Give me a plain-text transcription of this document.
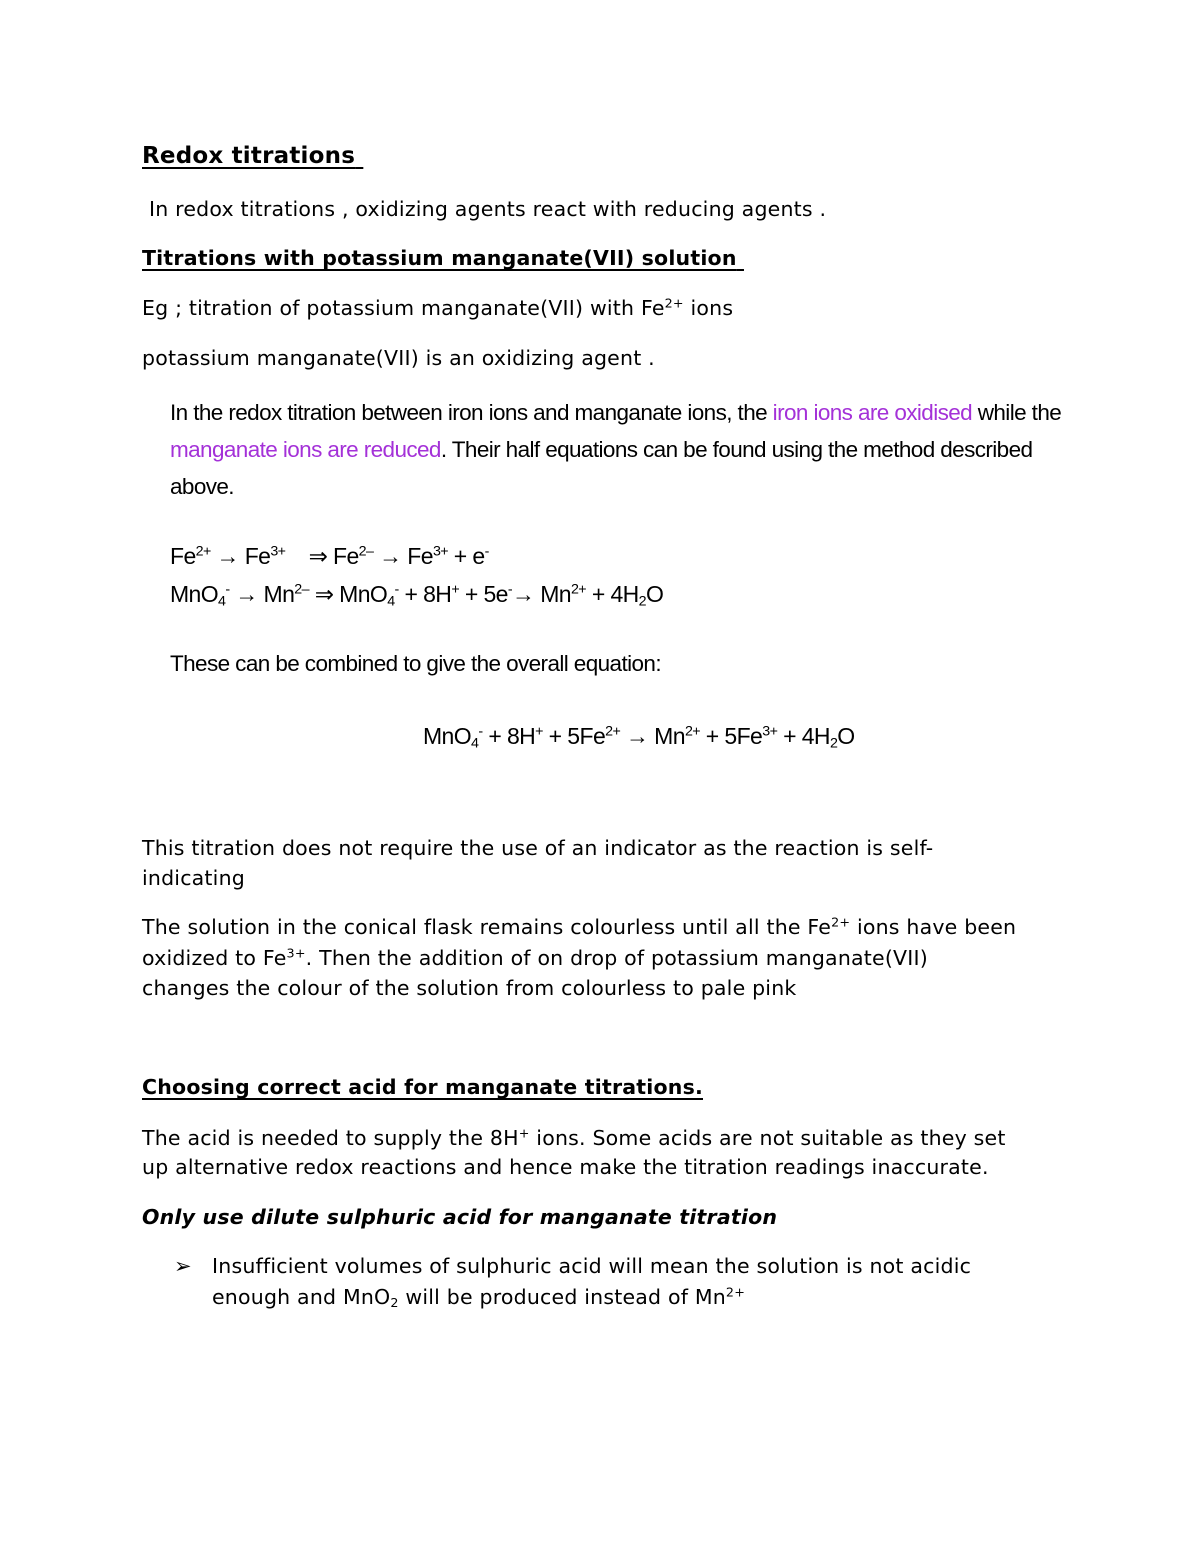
Redox titrations
In redox titrations , oxidizing agents react with reducing agents .
Titrations with potassium manganate(VII) solution
Eg ; titration of potassium manganate(VII) with $Fe^{2+}$ ions
potassium manganate(VII) is an oxidizing agent .
In the redox titration between iron ions and manganate ions, the iron ions are oxidised while the
manganate ions are reduced. Their half equations can be found using the method described
above.
$Fe^{2+} \to Fe^{3+}$    ⇒ $Fe^{2-} \to Fe^{3+} + e^-$
$MnO_4^- \to Mn^{2-}$ ⇒ $MnO_4^- + 8H^+ + 5e^-\to Mn^{2+} + 4H_2O$
These can be combined to give the overall equation:
$MnO_4^- + 8H^+ + 5Fe^{2+} \to Mn^{2+} + 5Fe^{3+} + 4H_2O$
This titration does not require the use of an indicator as the reaction is self-
indicating
The solution in the conical flask remains colourless until all the $Fe^{2+}$ ions have been
oxidized to $Fe^{3+}$. Then the addition of on drop of potassium manganate(VII)
changes the colour of the solution from colourless to pale pink
Choosing correct acid for manganate titrations.
The acid is needed to supply the 8H+ ions. Some acids are not suitable as they set
up alternative redox reactions and hence make the titration readings inaccurate.
Only use dilute sulphuric acid for manganate titration
➢ Insufficient volumes of sulphuric acid will mean the solution is not acidic
enough and MnO$_2$ will be produced instead of $Mn^{2+}$
